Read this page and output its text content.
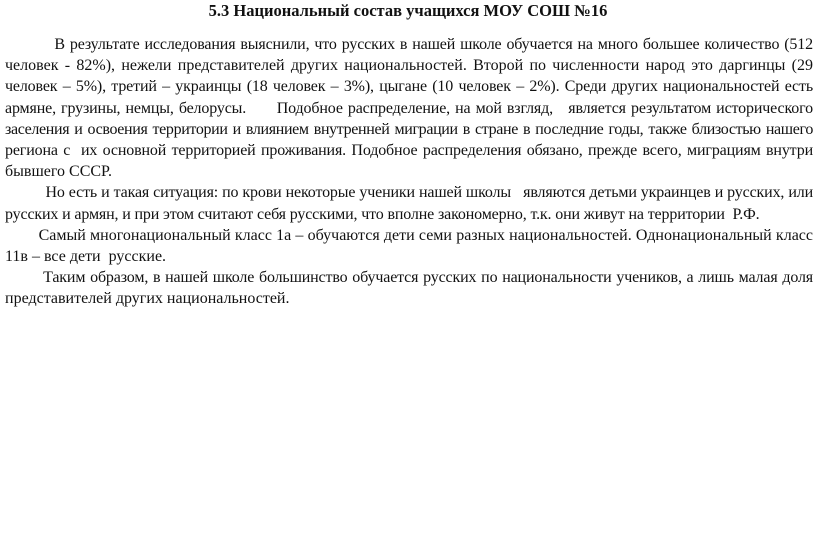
5.3 Национальный состав учащихся МОУ СОШ №16
В результате исследования выяснили, что русских в нашей школе обучается на много большее количество (512
человек - 82%), нежели представителей других национальностей. Второй по численности народ это даргинцы (29
человек – 5%), третий – украинцы (18 человек – 3%), цыгане (10 человек – 2%). Среди других национальностей есть
армяне, грузины, немцы, белорусы.      Подобное распределение, на мой взгляд,   является результатом исторического
заселения и освоения территории и влиянием внутренней миграции в стране в последние годы, также близостью нашего
региона с  их основной территорией проживания. Подобное распределения обязано, прежде всего, миграциям внутри
бывшего СССР.
Но есть и такая ситуация: по крови некоторые ученики нашей школы   являются детьми украинцев и русских, или
русских и армян, и при этом считают себя русскими, что вполне закономерно, т.к. они живут на территории  Р.Ф.
Самый многонациональный класс 1а – обучаются дети семи разных национальностей. Однонациональный класс
11в – все дети  русские.
Таким образом, в нашей школе большинство обучается русских по национальности учеников, а лишь малая доля
представителей других национальностей.
